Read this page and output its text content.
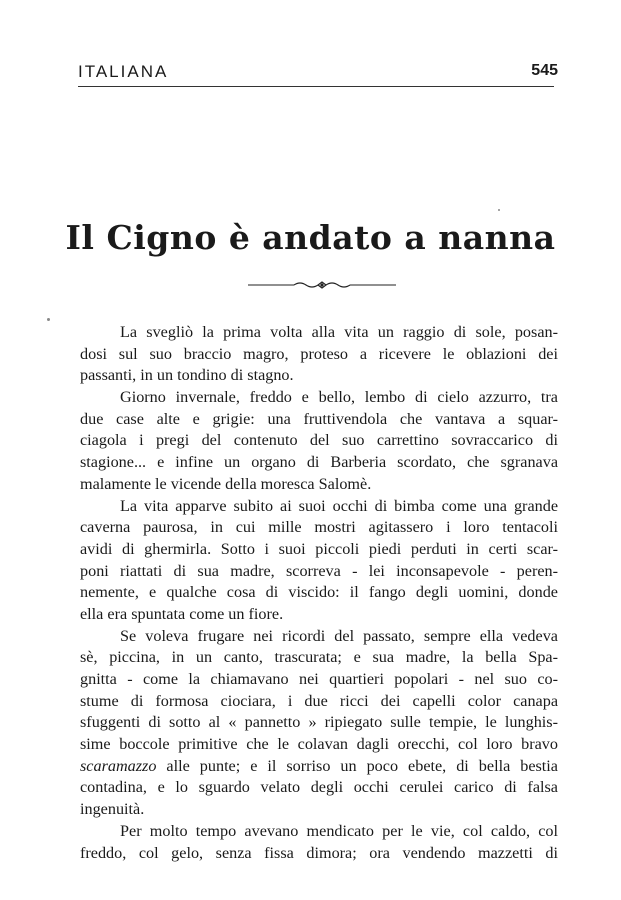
ITALIANA	545
Il Cigno è andato a nanna
La svegliò la prima volta alla vita un raggio di sole, posan-
dosi sul suo braccio magro, proteso a ricevere le oblazioni dei
passanti, in un tondino di stagno.
Giorno invernale, freddo e bello, lembo di cielo azzurro, tra
due case alte e grigie: una fruttivendola che vantava a squar-
ciagola i pregi del contenuto del suo carrettino sovraccarico di
stagione... e infine un organo di Barberia scordato, che sgranava
malamente le vicende della moresca Salomè.
La vita apparve subito ai suoi occhi di bimba come una grande
caverna paurosa, in cui mille mostri agitassero i loro tentacoli
avidi di ghermirla. Sotto i suoi piccoli piedi perduti in certi scar-
poni riattati di sua madre, scorreva - lei inconsapevole - peren-
nemente, e qualche cosa di viscido: il fango degli uomini, donde
ella era spuntata come un fiore.
Se voleva frugare nei ricordi del passato, sempre ella vedeva
sè, piccina, in un canto, trascurata; e sua madre, la bella Spa-
gnitta - come la chiamavano nei quartieri popolari - nel suo co-
stume di formosa ciociara, i due ricci dei capelli color canapa
sfuggenti di sotto al « pannetto » ripiegato sulle tempie, le lunghis-
sime boccole primitive che le colavan dagli orecchi, col loro bravo
scaramazzo alle punte; e il sorriso un poco ebete, di bella bestia
contadina, e lo sguardo velato degli occhi cerulei carico di falsa
ingenuità.
Per molto tempo avevano mendicato per le vie, col caldo, col
freddo, col gelo, senza fissa dimora; ora vendendo mazzetti di
